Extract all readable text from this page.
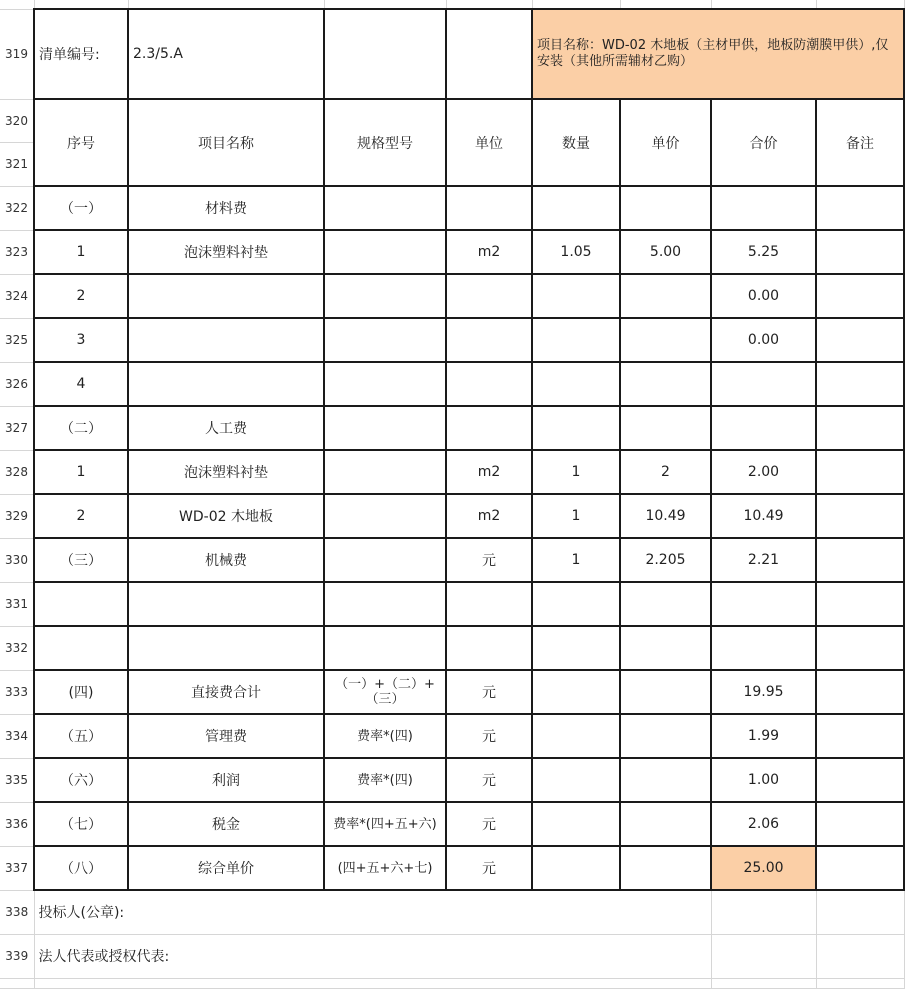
319	清单编号:	2.3/5.A			项目名称：WD-02 木地板（主材甲供，地板防潮膜甲供）,仅安装（其他所需辅材乙购）			
320	序号	项目名称	规格型号	单位	数量	单价	合价	备注
321								
322	（一）	材料费						
323	1	泡沫塑料衬垫		m2	1.05	5.00	5.25	
324	2						0.00	
325	3						0.00	
326	4							
327	（二）	人工费						
328	1	泡沫塑料衬垫		m2	1	2	2.00	
329	2	WD-02 木地板		m2	1	10.49	10.49	
330	（三）	机械费		元	1	2.205	2.21	
331								
332								
333	(四)	直接费合计	（一）+（二）+（三）	元			19.95	
334	（五）	管理费	费率*(四)	元			1.99	
335	（六）	利润	费率*(四)	元			1.00	
336	（七）	税金	费率*(四+五+六)	元			2.06	
337	（八）	综合单价	(四+五+六+七)	元			25.00	
338	投标人(公章):							
339	法人代表或授权代表:							
